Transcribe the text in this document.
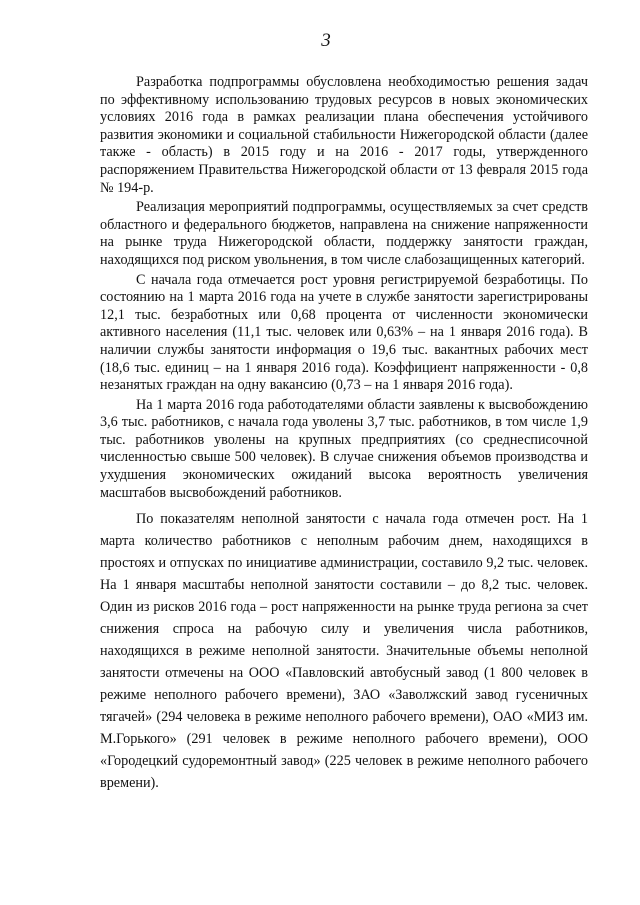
3

Разработка подпрограммы обусловлена необходимостью решения задач по эффективному использованию трудовых ресурсов в новых экономических условиях 2016 года в рамках реализации плана обеспечения устойчивого развития экономики и социальной стабильности Нижегородской области (далее также - область) в 2015 году и на 2016 - 2017 годы, утвержденного распоряжением Правительства Нижегородской области от 13 февраля 2015 года № 194-р.

Реализация мероприятий подпрограммы, осуществляемых за счет средств областного и федерального бюджетов, направлена на снижение напряженности на рынке труда Нижегородской области, поддержку занятости граждан, находящихся под риском увольнения, в том числе слабозащищенных категорий.

С начала года отмечается рост уровня регистрируемой безработицы. По состоянию на 1 марта 2016 года на учете в службе занятости зарегистрированы 12,1 тыс. безработных или 0,68 процента от численности экономически активного населения (11,1 тыс. человек или 0,63% – на 1 января 2016 года). В наличии службы занятости информация о 19,6 тыс. вакантных рабочих мест (18,6 тыс. единиц – на 1 января 2016 года). Коэффициент напряженности - 0,8 незанятых граждан на одну вакансию (0,73 – на 1 января 2016 года).

На 1 марта 2016 года работодателями области заявлены к высвобождению 3,6 тыс. работников, с начала года уволены 3,7 тыс. работников, в том числе 1,9 тыс. работников уволены на крупных предприятиях (со среднесписочной численностью свыше 500 человек). В случае снижения объемов производства и ухудшения экономических ожиданий высока вероятность увеличения масштабов высвобождений работников.

По показателям неполной занятости с начала года отмечен рост. На 1 марта количество работников с неполным рабочим днем, находящихся в простоях и отпусках по инициативе администрации, составило 9,2 тыс. человек. На 1 января масштабы неполной занятости составили – до 8,2 тыс. человек. Один из рисков 2016 года – рост напряженности на рынке труда региона за счет снижения спроса на рабочую силу и увеличения числа работников, находящихся в режиме неполной занятости. Значительные объемы неполной занятости отмечены на ООО «Павловский автобусный завод (1 800 человек в режиме неполного рабочего времени), ЗАО «Заволжский завод гусеничных тягачей» (294 человека в режиме неполного рабочего времени), ОАО «МИЗ им. М.Горького» (291 человек в режиме неполного рабочего времени), ООО «Городецкий судоремонтный завод» (225 человек в режиме неполного рабочего времени).
